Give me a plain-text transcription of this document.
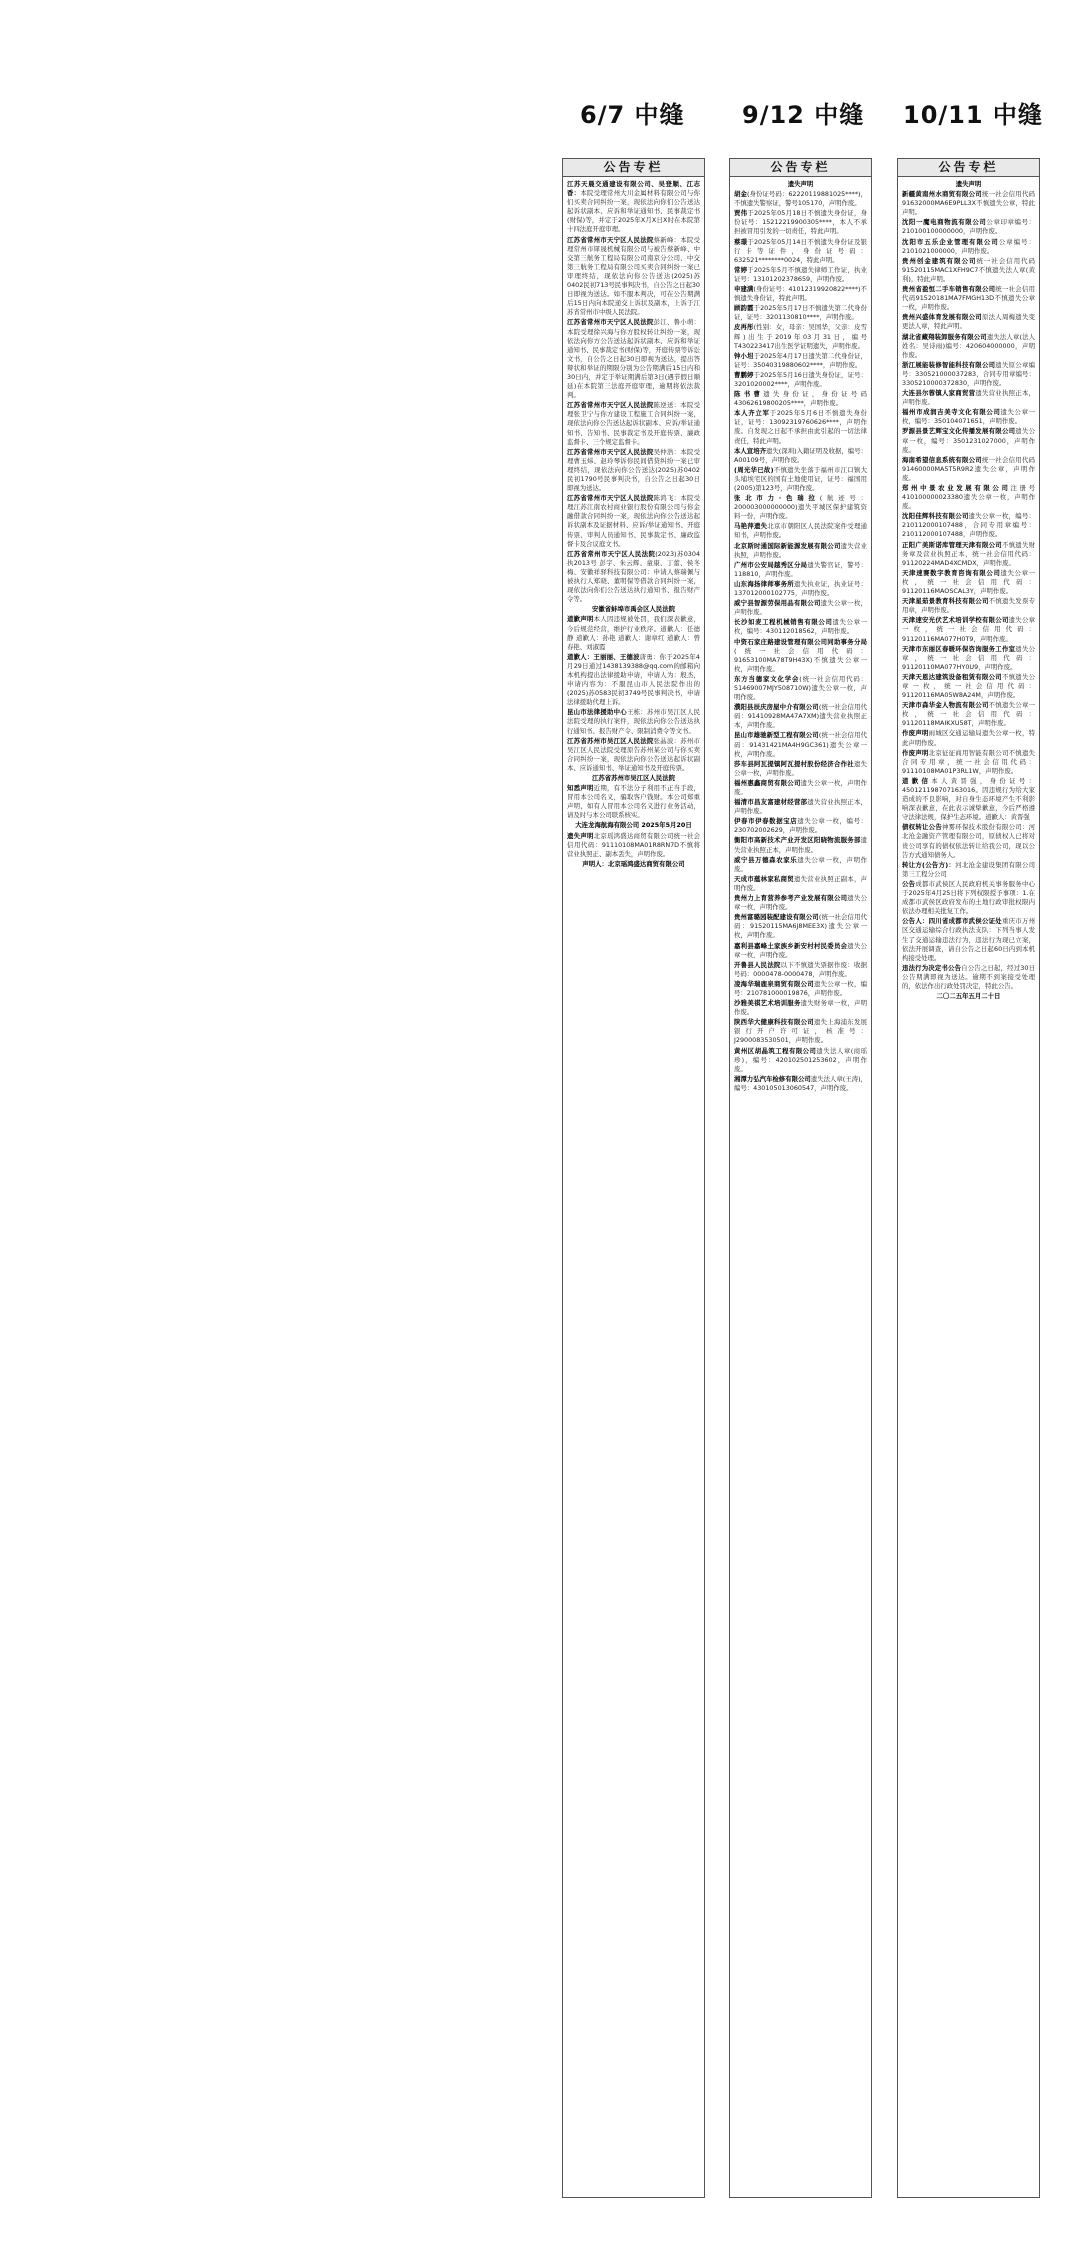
6/7 中缝 9/12 中缝 10/11 中缝
公告专栏
江苏天晨交通建设有限公司、吴登顺、江志香：本院受理常州大川金属材料有限公司与你们买卖合同纠纷一案，现依法向你们公告送达起诉状副本、应诉和举证通知书、民事裁定书(财保)等，并定于2025年X月X日X时在本院第十四法庭开庭审理。
江苏省常州市天宁区人民法院蔡新峰：本院受理常州市犀晟机械有限公司与被告蔡新峰、中交第三航务工程局有限公司南京分公司、中交第三航务工程局有限公司买卖合同纠纷一案已审理终结，现依法向你公告送达(2025)苏0402民初713号民事判决书，自公告之日起30日即视为送达。如不服本判决，可在公告期满后15日内向本院递交上诉状及副本，上诉于江苏省常州市中级人民法院。
江苏省常州市天宁区人民法院彭江、鲁小萌：本院受理徐兴海与你方股权转让纠纷一案，现依法向你方公告送达起诉状副本、应诉和举证通知书、民事裁定书(财保)等，开庭传票等诉讼文书，自公告之日起30日即视为送达，提出答辩状和举证的期限分别为公告期满后15日内和30日内，并定于举证期满后第3日(遇节假日顺延)在本院第三法庭开庭审理，逾期将依法裁判。
江苏省常州市天宁区人民法院陈逆送：本院受理张卫宁与你方建设工程施工合同纠纷一案，现依法向你公告送达起诉状副本、应诉/举证通知书、告知书、民事裁定书及开庭传票、廉政监督卡、三个规定监督卡。
江苏省常州市天宁区人民法院吴仲浩：本院受理曹玉炜、赵玲琴诉你民间借贷纠纷一案已审理终结，现依法向你公告送达(2025)苏0402民初1790号民事判决书，自公告之日起30日即视为送达。
江苏省常州市天宁区人民法院陈鸿飞：本院受理江苏江南农村商业银行股份有限公司与你金融借款合同纠纷一案，现依法向你公告送达起诉状副本及证据材料、应诉/举证通知书、开庭传票、审判人员通知书、民事裁定书、廉政监督卡及合议庭文书。
江苏省常州市天宁区人民法院(2023)苏0304执2013号 彭宇、朱云辉、童康、丁蕾、侯冬梅、安徽祥驿科技有限公司：申请人蔡瑞佩与被执行人郑晓、董明保等借款合同纠纷一案，现依法向你们公告送达执行通知书、报告财产令等。
安徽省蚌埠市禹会区人民法院
道歉声明本人因违规被处罚，我们深表歉意，今后规范经营，维护行业秩序。道歉人：任德静 道歉人：孙艳 道歉人：谢章红 道歉人：曾春艳、刘淑霞
道歉人：王丽丽、王德波唐勇：你于2025年4月29日通过1438139388@qq.com的邮箱向本机构提出法律援助申请，申请人为：殷杰，申请内容为：不服昆山市人民法院作出的(2025)苏0583民初3749号民事判决书，申请法律援助代理上诉。
昆山市法律援助中心王栋：苏州市吴江区人民法院受理的执行案件，现依法向你公告送达执行通知书、报告财产令、限制消费令等文书。
江苏省苏州市吴江区人民法院张晶波：苏州市吴江区人民法院受理原告苏州某公司与你买卖合同纠纷一案，现依法向你公告送达起诉状副本、应诉通知书、举证通知书及开庭传票。
江苏省苏州市吴江区人民法院
知悉声明近期，有不法分子利用不正当手段，冒用本公司名义，骗取客户钱财。本公司郑重声明，如有人冒用本公司名义进行业务活动，请及时与本公司联系核实。
大连龙海航海有限公司 2025年5月20日
遗失声明北京瑶鸿盛达商贸有限公司统一社会信用代码：91110108MA01R8RN7D不慎将营业执照正、副本丢失，声明作废。
声明人：北京瑶鸿盛达商贸有限公司
公告专栏
遗失声明
胡金(身份证号码：62220119881025****)，不慎遗失警察证，警号105170，声明作废。
贾伟于2025年05月18日不慎遗失身份证，身份证号：15212219900305****，本人不承担被冒用引发的一切责任，特此声明。
蔡璟于2025年05月14日不慎遗失身份证及银行卡等证件，身份证号码：632521********0024，特此声明。
常婷于2025年5月不慎遗失律师工作证，执业证号：13101202378659，声明作废。
申建满(身份证号：41012319920822****)不慎遗失身份证，特此声明。
顾韵霞于2025年5月17日不慎遗失第二代身份证，证号：3201130810****，声明作废。
皮再彤(性别：女，母亲：吴国华，父亲：皮雪辉)出生于2019年03月31日，编号T430223417出生医学证明遗失，声明作废。
钟小坦于2025年4月17日遗失第二代身份证，证号：35040319880602****，声明作废。
曹鹏婷于2025年5月16日遗失身份证，证号：3201020002****，声明作废。
陈书曹遗失身份证，身份证号码 43062619800205****，声明作废。
本人齐立军于2025年5月6日不慎遗失身份证，证号：13092319760626****，声明作废。自发现之日起不承担由此引起的一切法律责任，特此声明。
本人宣培齐遗失(深圳)入籍证明及收据，编号：A00109号，声明作废。
(周光华已故)不慎遗失坐落于福州市江口镇大头埔埃宅区的国有土地使用证，证号：福国用(2005)第123号，声明作废。
张北市力·色瑞拉(航迹号：200003000000000)遗失平城区保护建筑资料一份，声明作废。
马艳萍遗失北京市朝阳区人民法院案件受理通知书，声明作废。
北京斯时通国际新能源发展有限公司遗失营业执照，声明作废。
广州市公安局越秀区分局遗失警官证，警号：118810，声明作废。
山东海扬律师事务所遗失执业证，执业证号：137012000102775，声明作废。
威宁县智源劳保用品有限公司遗失公章一枚，声明作废。
长沙如麦工程机械销售有限公司遗失公章一枚，编号：430112018562，声明作废。
中资石家庄路建设管理有限公司同助事务分局(统一社会信用代码：91653100MA78T9H43X)不慎遗失公章一枚，声明作废。
东方当德家文化学会(统一社会信用代码：51469007MJY508710W)遗失公章一枚，声明作废。
濮阳县辰庆房屋中介有限公司(统一社会信用代码：91410928MA47A7XM)遗失营业执照正本，声明作废。
昆山市雄驰新型工程有限公司(统一社会信用代码：91431421MA4H9GC361)遗失公章一枚，声明作废。
莎车县阿瓦提镇阿瓦提村股份经济合作社遗失公章一枚，声明作废。
福州惠鑫商贸有限公司遗失公章一枚，声明作废。
福清市昌友富建材经营部遗失营业执照正本，声明作废。
伊春市伊春数据宝店遗失公章一枚，编号：230702002629，声明作废。
衡阳市高新技术产业开发区阳晓物流服务部遗失营业执照正本，声明作废。
威宁县万德森农家乐遗失公章一枚，声明作废。
天成市蕴林家私商贸遗失营业执照正副本，声明作废。
贵州力上育营养参考产业发展有限公司遗失公章一枚，声明作废。
贵州富璐园装配建设有限公司(统一社会信用代码：91520115MA6J8MEE3X)遗失公章一枚，声明作废。
嘉利县嘉峰土家族乡新安村村民委员会遗失公章一枚，声明作废。
开鲁县人民法院以下不慎遗失票据作废：收据号码：0000478-0000478，声明作废。
凌海华瑞鹿泉商贸有限公司遗失公章一枚，编号：210781000019876，声明作废。
沙雅美祺艺术培训服务遗失财务章一枚，声明作废。
陕西华大健康科技有限公司遗失上海浦东发展银行开户许可证，核准号：J2900083530501，声明作废。
黄州区胡晶筑工程有限公司遗失法人章(商瑶珍)，编号：420102501253602，声明作废。
湘潭力弘汽车检修有限公司遗失法人章(王涛)，编号：430105013060547，声明作废。
公告专栏
遗失声明
新疆黄南州水商贸有限公司统一社会信用代码91632000MA6E9PLL3X不慎遗失公章，特此声明。
沈阳一魔电商物流有限公司公章印章编号：210100100000000，声明作废。
沈阳市五乐企业管理有限公司公章编号：2101021000000，声明作废。
贵州创金建筑有限公司统一社会信用代码91520115MAC1XFH9C7不慎遗失法人章(黄利)，特此声明。
贵州省盈恒二手车销售有限公司统一社会信用代码91520181MA7FMGH13D不慎遗失公章一枚，声明作废。
贵州兴盛体育发展有限公司原法人周梅遗失变更法人章，特此声明。
湖北省藏翔装卸服务有限公司遗失法人章(法人姓名：吴诗雨)编号：420604000000，声明作废。
浙江展能装修智能科技有限公司遗失原公章编号：330521000037283，合同专用章编号：3305210000372830，声明作废。
大连县尔蓉镇人家商贸营遗失营业执照正本，声明作废。
福州市成润吉美寺文化有限公司遗失公章一枚，编号：350104071651，声明作废。
罗源县景艺辉宝文化传播发展有限公司遗失公章一枚，编号：3501231027000，声明作废。
海南希望信息系统有限公司统一社会信用代码91460000MA5T5R9R2遗失公章，声明作废。
郑州中景农业发展有限公司注册号410100000023380遗失公章一枚，声明作废。
沈阳佳辉科技有限公司遗失公章一枚，编号：210112000107488，合同专用章编号：210112000107488，声明作废。
正阳广美斯诺库管理天津有限公司不慎遗失财务章及营业执照正本，统一社会信用代码：91120224MAD4XCMDX，声明作废。
天津速赛数字教育咨询有限公司遗失公章一枚，统一社会信用代码：91120116MAOSCAL3Y，声明作废。
天津星茹景教育科技有限公司不慎遗失发票专用章，声明作废。
天津速安光伏艺术培训学校有限公司遗失公章一枚，统一社会信用代码：91120116MA077H0T9，声明作废。
天津市东丽区春暖环保咨询服务工作室遗失公章，统一社会信用代码：91120110MA077HY0U9，声明作废。
天津天恩达建筑设备租赁有限公司不慎遗失公章一枚，统一社会信用代码：91120116MA05W8A24M，声明作废。
天津市森华金人物流有限公司不慎遗失公章一枚，统一社会信用代码：91120118MAIKXU58T，声明作废。
作废声明雨城区交通运输局遗失公章一枚，特此声明作废。
作废声明北京征征商用智能有限公司不慎遗失合同专用章，统一社会信用代码：91110108MA01P3RL1W，声明作废。
道歉信本人黄晋强，身份证号：450121198707163016。因违规行为给大家造成的不良影响，对自身生态环境产生不利影响深表歉意，在此表示诚挚歉意，今后严格遵守法律法规，保护生态环境。道歉人：黄晋强
债权转让公告神雾环保技术股份有限公司：河北沧金融资产管理有限公司，原债权人已将对贵公司享有的债权依法转让给我公司，现以公告方式通知债务人。
转让方(公告方)：河北沧金建设集团有限公司 第三工程分公司
公告成都市武侯区人民政府机关事务服务中心于2025年4月25日将下列权限授予事项：1.在成都市武侯区政府发布的土地行政审批权限内依法办理相关批复工作。
公告人：四川省成都市武侯公证处重庆市万州区交通运输综合行政执法支队：下列当事人发生了交通运输违法行为，违法行为现已立案，依法开展调查，请自公告之日起60日内到本机构接受处理。
违法行为决定书公告自公告之日起，经过30日公告期满即视为送达。逾期不到案接受处理的，依法作出行政处罚决定，特此公告。
二〇二五年五月二十日
